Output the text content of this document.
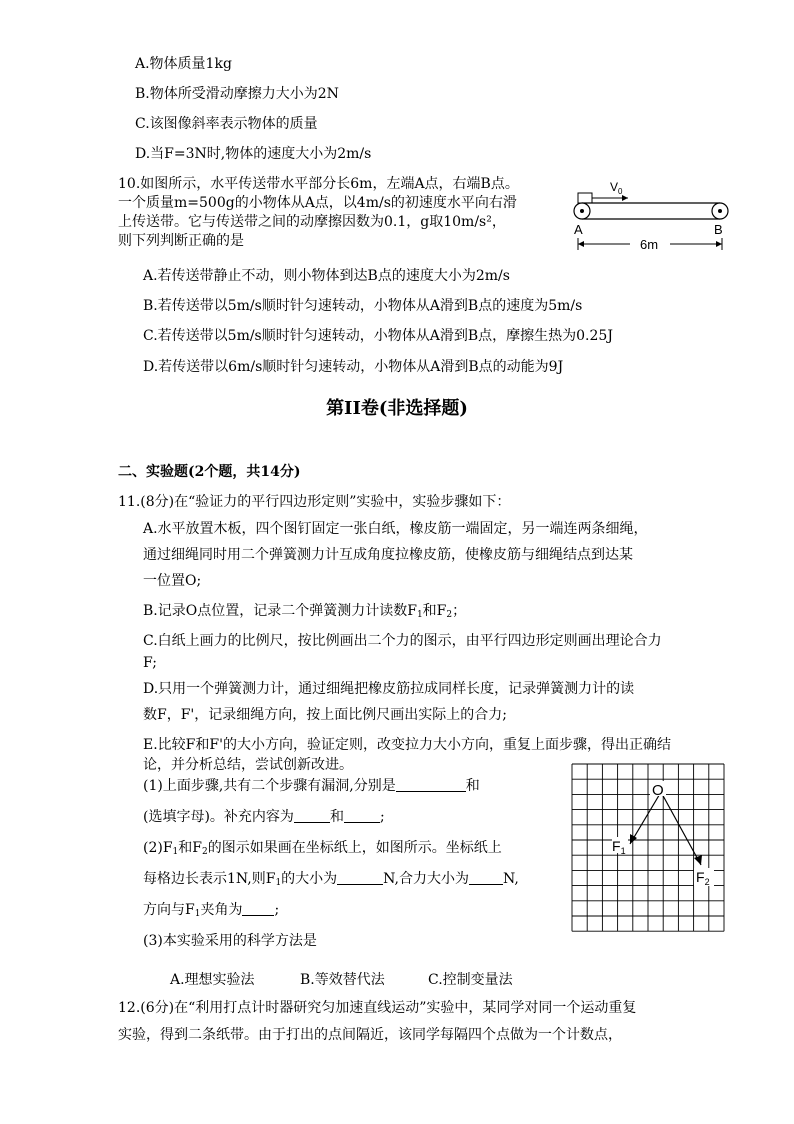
A.物体质量1kg
B.物体所受滑动摩擦力大小为2N
C.该图像斜率表示物体的质量
D.当F=3N时,物体的速度大小为2m/s
10.如图所示，水平传送带水平部分长6m，左端A点，右端B点。
一个质量m=500g的小物体从A点，以4m/s的初速度水平向右滑
上传送带。它与传送带之间的动摩擦因数为0.1，g取10m/s²，
则下列判断正确的是
$V_0$
A	B
6m
A.若传送带静止不动，则小物体到达B点的速度大小为2m/s
B.若传送带以5m/s顺时针匀速转动，小物体从A滑到B点的速度为5m/s
C.若传送带以5m/s顺时针匀速转动，小物体从A滑到B点，摩擦生热为0.25J
D.若传送带以6m/s顺时针匀速转动，小物体从A滑到B点的动能为9J
第II卷(非选择题)
二、实验题(2个题，共14分)
11.(8分)在“验证力的平行四边形定则”实验中，实验步骤如下：
A.水平放置木板，四个图钉固定一张白纸，橡皮筋一端固定，另一端连两条细绳，
通过细绳同时用二个弹簧测力计互成角度拉橡皮筋，使橡皮筋与细绳结点到达某
一位置O;
B.记录O点位置，记录二个弹簧测力计读数$F_1$和$F_2$；
C.白纸上画力的比例尺，按比例画出二个力的图示，由平行四边形定则画出理论合力
F;
D.只用一个弹簧测力计，通过细绳把橡皮筋拉成同样长度，记录弹簧测力计的读
数F，F'，记录细绳方向，按上面比例尺画出实际上的合力;
E.比较F和F'的大小方向，验证定则，改变拉力大小方向，重复上面步骤，得出正确结
论，并分析总结，尝试创新改进。
(1)上面步骤,共有二个步骤有漏洞,分别是	和
(选填字母)。补充内容为	和	;
$(2)F_1$和$F_2$的图示如果画在坐标纸上，如图所示。坐标纸上
每格边长表示1N,则$F_1$的大小为	N,合力大小为 N,
方向与$F_1$夹角为 ;
(3)本实验采用的科学方法是
A.理想实验法	B.等效替代法	C.控制变量法
O
$F_1$
$F_2$
12.(6分)在“利用打点计时器研究匀加速直线运动”实验中，某同学对同一个运动重复
实验，得到二条纸带。由于打出的点间隔近，该同学每隔四个点做为一个计数点，
